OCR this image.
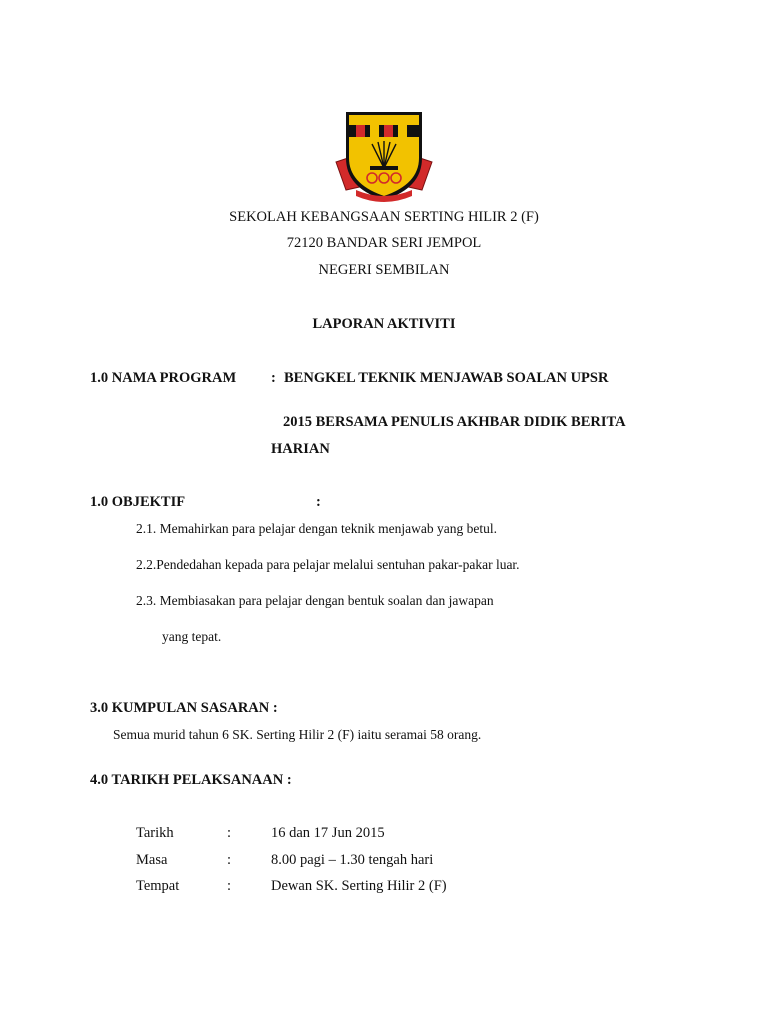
SEKOLAH KEBANGSAAN SERTING HILIR 2 (F)
72120 BANDAR SERI JEMPOL
NEGERI SEMBILAN
LAPORAN AKTIVITI
1.0 NAMA PROGRAM : BENGKEL TEKNIK MENJAWAB SOALAN UPSR
2015 BERSAMA PENULIS AKHBAR DIDIK BERITA
HARIAN
1.0 OBJEKTIF	:
2.1. Memahirkan para pelajar dengan teknik menjawab yang betul.
2.2.Pendedahan kepada para pelajar melalui sentuhan pakar-pakar luar.
2.3. Membiasakan para pelajar dengan bentuk soalan dan jawapan
yang tepat.
3.0 KUMPULAN SASARAN :
Semua murid tahun 6 SK. Serting Hilir 2 (F) iaitu seramai 58 orang.
4.0 TARIKH PELAKSANAAN :
Tarikh	:	16 dan 17 Jun 2015
Masa	:	8.00 pagi – 1.30 tengah hari
Tempat	:	Dewan SK. Serting Hilir 2 (F)
